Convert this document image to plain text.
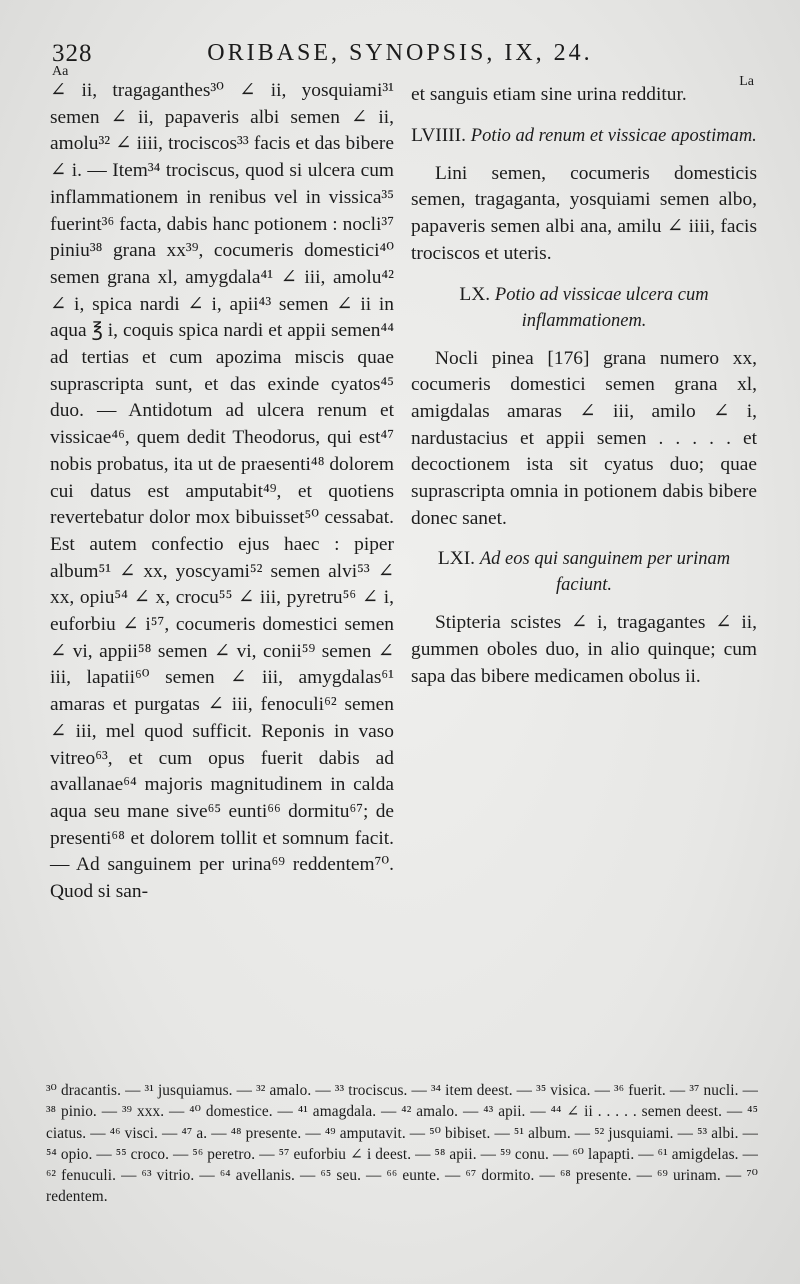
328	ORIBASE, SYNOPSIS, IX, 24.
Aa
La
∠ ii, tragaganthes³⁰ ∠ ii, yosquiami³¹ semen ∠ ii, papaveris albi semen ∠ ii, amolu³² ∠ iiii, trociscos³³ facis et das bibere ∠ i. — Item³⁴ trociscus, quod si ulcera cum inflammationem in renibus vel in vissica³⁵ fuerint³⁶ facta, dabis hanc potionem : nocli³⁷ piniu³⁸ grana xx³⁹, cocumeris domestici⁴⁰ semen grana xl, amygdala⁴¹ ∠ iii, amolu⁴² ∠ i, spica nardi ∠ i, apii⁴³ semen ∠ ii in aqua ℥ i, coquis spica nardi et appii semen⁴⁴ ad tertias et cum apozima miscis quae suprascripta sunt, et das exinde cyatos⁴⁵ duo. — Antidotum ad ulcera renum et vissicae⁴⁶, quem dedit Theodorus, qui est⁴⁷ nobis probatus, ita ut de praesenti⁴⁸ dolorem cui datus est amputabit⁴⁹, et quotiens revertebatur dolor mox bibuisset⁵⁰ cessabat. Est autem confectio ejus haec : piper album⁵¹ ∠ xx, yoscyami⁵² semen alvi⁵³ ∠ xx, opiu⁵⁴ ∠ x, crocu⁵⁵ ∠ iii, pyretru⁵⁶ ∠ i, euforbiu ∠ i⁵⁷, cocumeris domestici semen ∠ vi, appii⁵⁸ semen ∠ vi, conii⁵⁹ semen ∠ iii, lapatii⁶⁰ semen ∠ iii, amygdalas⁶¹ amaras et purgatas ∠ iii, fenoculi⁶² semen ∠ iii, mel quod sufficit. Reponis in vaso vitreo⁶³, et cum opus fuerit dabis ad avallanae⁶⁴ majoris magnitudinem in calda aqua seu mane sive⁶⁵ eunti⁶⁶ dormitu⁶⁷; de presenti⁶⁸ et dolorem tollit et somnum facit. — Ad sanguinem per urina⁶⁹ reddentem⁷⁰. Quod si san-

et sanguis etiam sine urina redditur.

LVIIII. Potio ad renum et vissicae apostimam.

Lini semen, cocumeris domesticis semen, tragaganta, yosquiami semen albo, papaveris semen albi ana, amilu ∠ iiii, facis trociscos et uteris.

LX. Potio ad vissicae ulcera cum inflammationem.

Nocli pinea [176] grana numero xx, cocumeris domestici semen grana xl, amigdalas amaras ∠ iii, amilo ∠ i, nardustacius et appii semen . . . . . et decoctionem ista sit cyatus duo; quae suprascripta omnia in potionem dabis bibere donec sanet.

LXI. Ad eos qui sanguinem per urinam faciunt.

Stipteria scistes ∠ i, tragagantes ∠ ii, gummen oboles duo, in alio quinque; cum sapa das bibere medicamen obolus ii.

³⁰ dracantis. — ³¹ jusquiamus. — ³² amalo. — ³³ trociscus. — ³⁴ item deest. — ³⁵ visica. — ³⁶ fuerit. — ³⁷ nucli. — ³⁸ pinio. — ³⁹ xxx. — ⁴⁰ domestice. — ⁴¹ amagdala. — ⁴² amalo. — ⁴³ apii. — ⁴⁴ ∠ ii . . . . . semen deest. — ⁴⁵ ciatus. — ⁴⁶ visci. — ⁴⁷ a. — ⁴⁸ presente. — ⁴⁹ amputavit. — ⁵⁰ bibiset. — ⁵¹ album. — ⁵² jusquiami. — ⁵³ albi. — ⁵⁴ opio. — ⁵⁵ croco. — ⁵⁶ peretro. — ⁵⁷ euforbiu ∠ i deest. — ⁵⁸ apii. — ⁵⁹ conu. — ⁶⁰ lapapti. — ⁶¹ amigdelas. — ⁶² fenuculi. — ⁶³ vitrio. — ⁶⁴ avellanis. — ⁶⁵ seu. — ⁶⁶ eunte. — ⁶⁷ dormito. — ⁶⁸ presente. — ⁶⁹ urinam. — ⁷⁰ redentem.
